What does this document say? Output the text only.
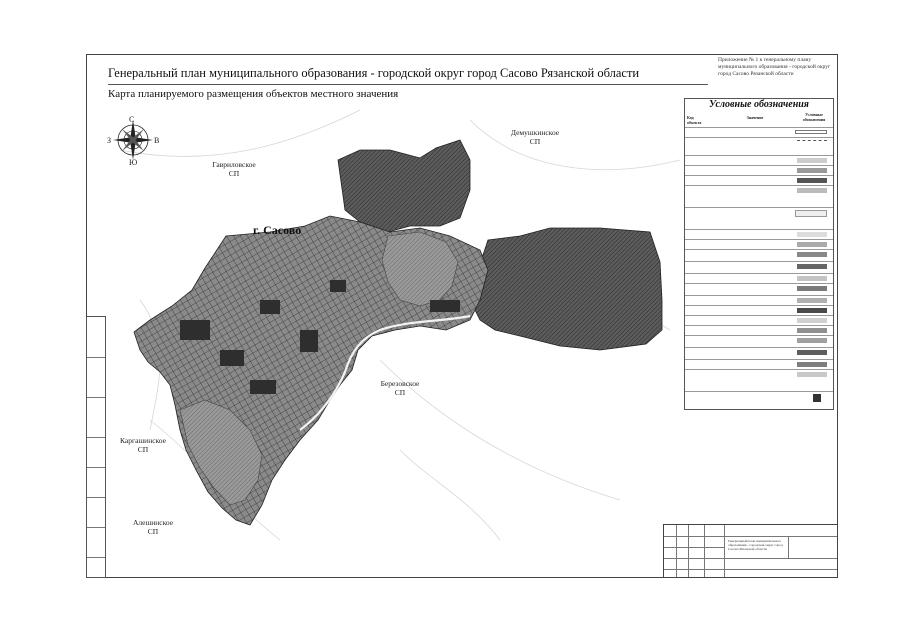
Генеральный план муниципального образования - городской округ город Сасово Рязанской области
Карта планируемого размещения объектов местного значения
С
Ю
З	В
г. Сасово
Гавриловское
СП
Демушкинское
СП
Березовское
СП
Каргашинское
СП
Алешинское
СП
Приложение № 1 к генеральному плану муниципального образования - городской округ город Сасово Рязанской области
Условные обозначения
Код объекта
Значение
Условные обозначения
Генеральный план муниципального образования - городской округ город Сасово Рязанской области
